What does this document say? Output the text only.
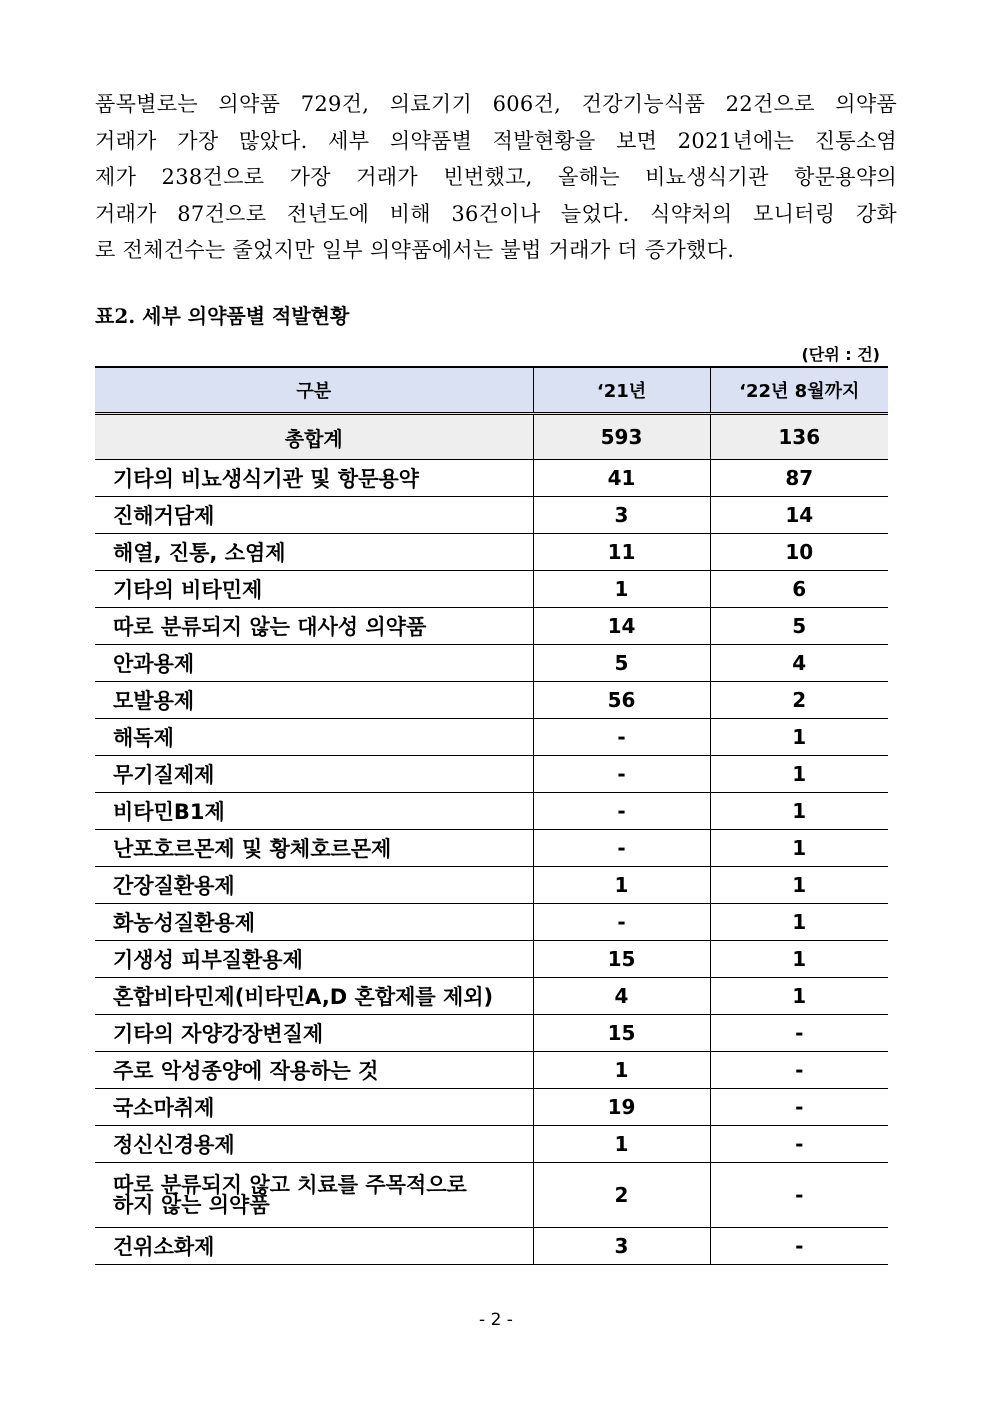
품목별로는 의약품 729건, 의료기기 606건, 건강기능식품 22건으로 의약품
거래가 가장 많았다. 세부 의약품별 적발현황을 보면 2021년에는 진통소염
제가 238건으로 가장 거래가 빈번했고, 올해는 비뇨생식기관 항문용약의
거래가 87건으로 전년도에 비해 36건이나 늘었다. 식약처의 모니터링 강화
로 전체건수는 줄었지만 일부 의약품에서는 불법 거래가 더 증가했다.
표2. 세부 의약품별 적발현황
(단위 : 건)
구분	‘21년	‘22년 8월까지
총합계	593	136
기타의 비뇨생식기관 및 항문용약	41	87
진해거담제	3	14
해열, 진통, 소염제	11	10
기타의 비타민제	1	6
따로 분류되지 않는 대사성 의약품	14	5
안과용제	5	4
모발용제	56	2
해독제	-	1
무기질제제	-	1
비타민B1제	-	1
난포호르몬제 및 황체호르몬제	-	1
간장질환용제	1	1
화농성질환용제	-	1
기생성 피부질환용제	15	1
혼합비타민제(비타민A,D 혼합제를 제외)	4	1
기타의 자양강장변질제	15	-
주로 악성종양에 작용하는 것	1	-
국소마취제	19	-
정신신경용제	1	-

따로 분류되지 않고 치료를 주목적으로
하지 않는 의약품	2	-
건위소화제	3	-
- 2 -
